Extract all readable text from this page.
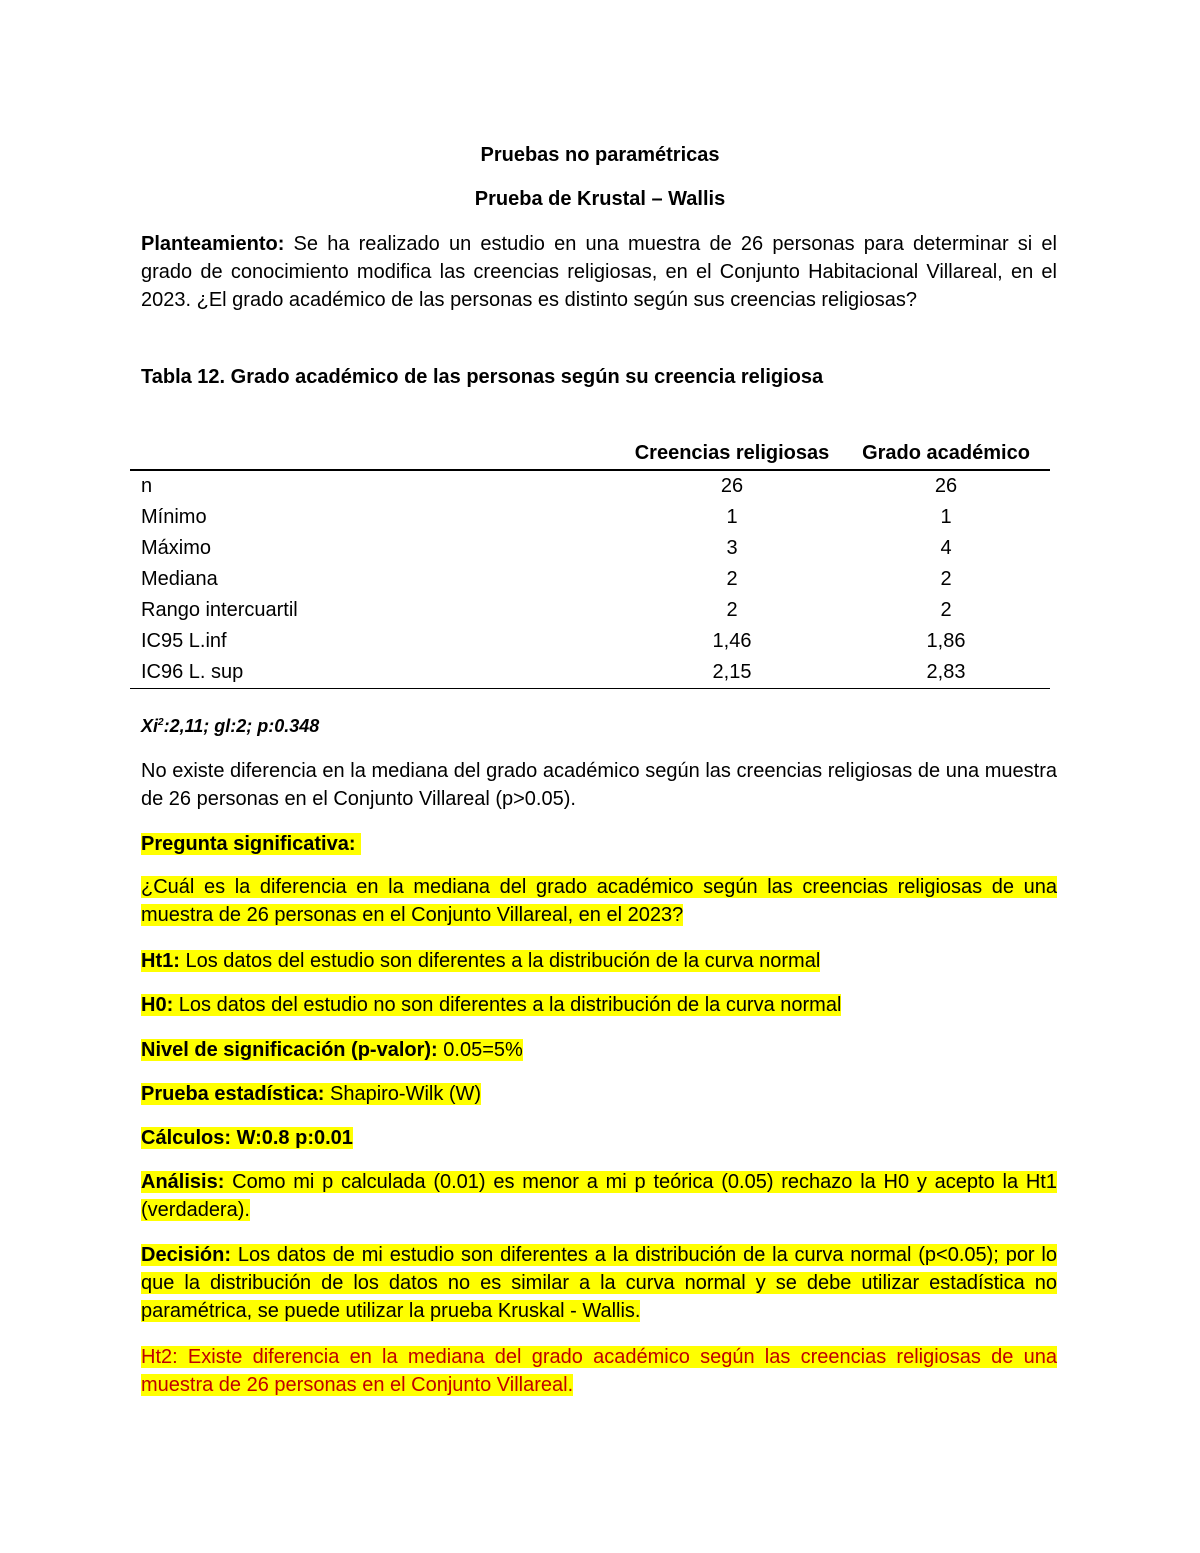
Pruebas no paramétricas
Prueba de Krustal – Wallis
Planteamiento: Se ha realizado un estudio en una muestra de 26 personas para determinar si el grado de conocimiento modifica las creencias religiosas, en el Conjunto Habitacional Villareal, en el 2023. ¿El grado académico de las personas es distinto según sus creencias religiosas?
Tabla 12. Grado académico de las personas según su creencia religiosa
	Creencias religiosas	Grado académico
n	26	26
Mínimo	1	1
Máximo	3	4
Mediana	2	2
Rango intercuartil	2	2
IC95 L.inf	1,46	1,86
IC96 L. sup	2,15	2,83
Xi$^2$:2,11; gl:2; p:0.348
No existe diferencia en la mediana del grado académico según las creencias religiosas de una muestra de 26 personas en el Conjunto Villareal (p˃0.05).
Pregunta significativa:
¿Cuál es la diferencia en la mediana del grado académico según las creencias religiosas de una muestra de 26 personas en el Conjunto Villareal, en el 2023?
Ht1: Los datos del estudio son diferentes a la distribución de la curva normal
H0: Los datos del estudio no son diferentes a la distribución de la curva normal
Nivel de significación (p-valor): 0.05=5%
Prueba estadística: Shapiro-Wilk (W)
Cálculos: W:0.8 p:0.01
Análisis: Como mi p calculada (0.01) es menor a mi p teórica (0.05) rechazo la H0 y acepto la Ht1 (verdadera).
Decisión: Los datos de mi estudio son diferentes a la distribución de la curva normal (p˂0.05); por lo que la distribución de los datos no es similar a la curva normal y se debe utilizar estadística no paramétrica, se puede utilizar la prueba Kruskal - Wallis.
Ht2: Existe diferencia en la mediana del grado académico según las creencias religiosas de una muestra de 26 personas en el Conjunto Villareal.
